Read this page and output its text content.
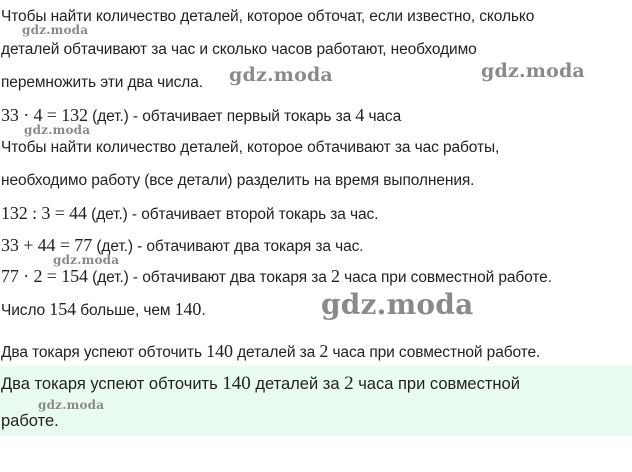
Чтобы найти количество деталей, которое обточат, если известно, сколько
деталей обтачивают за час и сколько часов работают, необходимо
перемножить эти два числа.
33 · 4 = 132 (дет.) - обтачивает первый токарь за 4 часа
Чтобы найти количество деталей, которое обтачивают за час работы,
необходимо работу (все детали) разделить на время выполнения.
132 : 3 = 44 (дет.) - обтачивает второй токарь за час.
33 + 44 = 77 (дет.) - обтачивают два токаря за час.
77 · 2 = 154 (дет.) - обтачивают два токаря за 2 часа при совместной работе.
Число 154 больше, чем 140.
Два токаря успеют обточить 140 деталей за 2 часа при совместной работе.
Два токаря успеют обточить 140 деталей за 2 часа при совместной
работе.
gdz.moda
gdz.moda	gdz.moda
gdz.moda
gdz.moda
gdz.moda
gdz.moda
